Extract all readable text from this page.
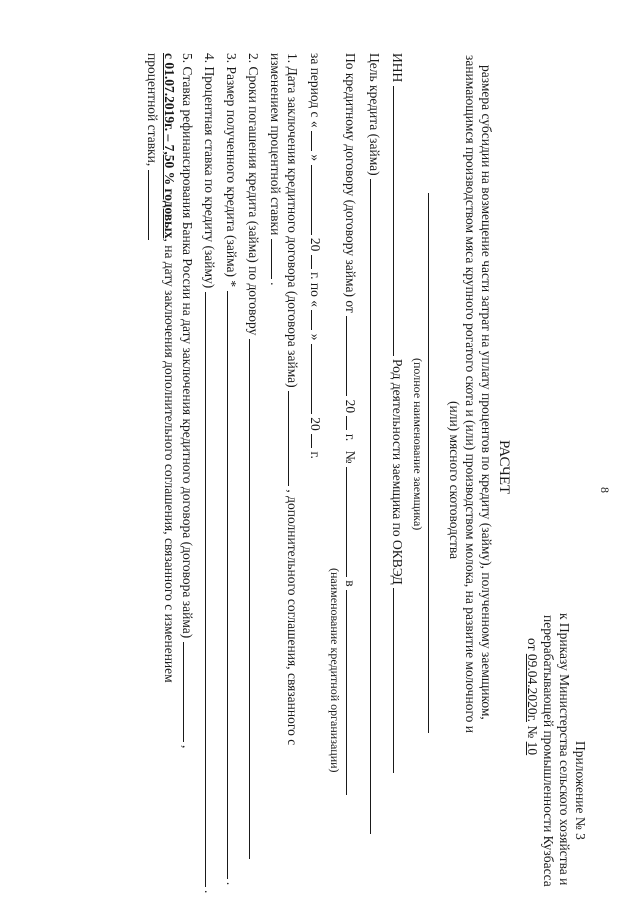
8
Приложение № 3
к Приказу Министерства сельского хозяйства и
перерабатывающей промышленности Кузбасса
от 09.04.2020г. № 10
РАСЧЕТ
размера субсидии на возмещение части затрат на уплату процентов по кредиту (займу), полученному заемщиком,
занимающимся производством мяса крупного рогатого скота и (или) производством молока, на развитие молочного и
(или) мясного скотоводства
(полное наименование заемщика)
ИНН  Род деятельности заемщика по ОКВЭД
Цель кредита (займа)
По кредитному договору (договору займа) от  20  г. №  в
(наименование кредитной организации)
за период с «  »  20  г. по «  »  20  г.
1. Дата заключения кредитного договора (договора займа)  , дополнительного соглашения, связанного с
изменением процентной ставки  .
2. Сроки погашения кредита (займа) по договору
3. Размер полученного кредита (займа) *  .
4. Процентная ставка по кредиту (займу)  .
5. Ставка рефинансирования Банка России на дату заключения кредитного договора (договора займа)  ,
с 01.07.2019г. – 7,50 % годовых, на дату заключения дополнительного соглашения, связанного с изменением
процентной ставки,
